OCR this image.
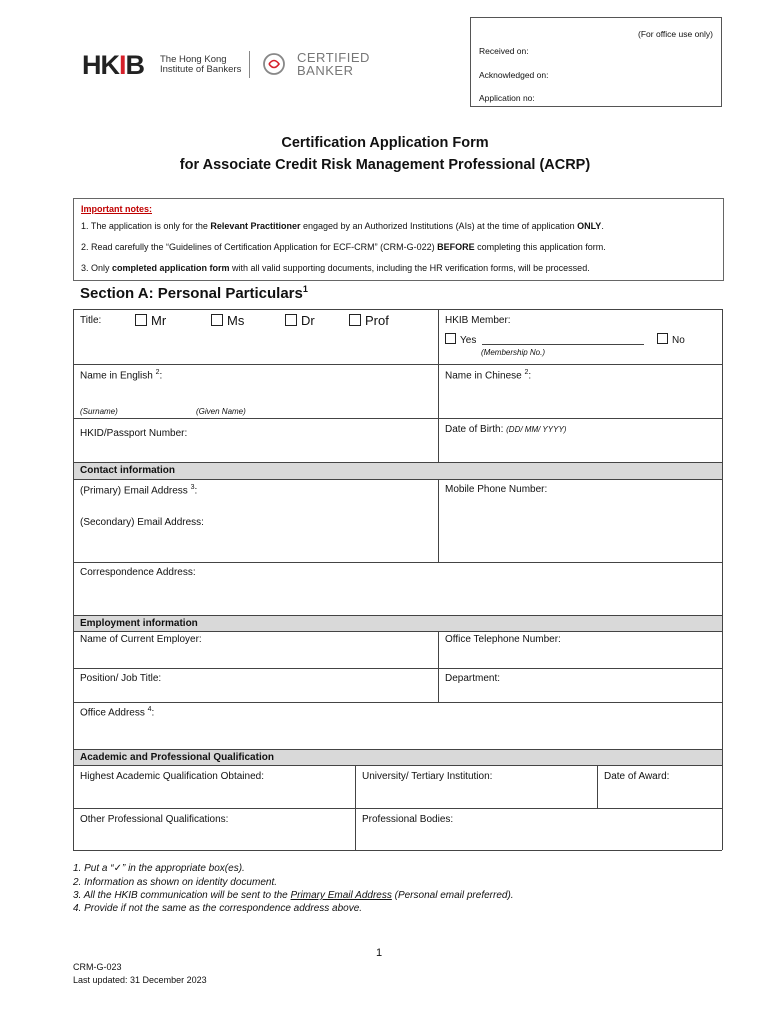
(For office use only)
Received on:
Acknowledged on:
Application no:
HKIB The Hong Kong
Institute of Bankers
CERTIFIED
BANKER
Certification Application Form
for Associate Credit Risk Management Professional (ACRP)
Important notes:
1. The application is only for the Relevant Practitioner engaged by an Authorized Institutions (AIs) at the time of application ONLY.
2. Read carefully the “Guidelines of Certification Application for ECF-CRM” (CRM-G-022) BEFORE completing this application form.
3. Only completed application form with all valid supporting documents, including the HR verification forms, will be processed.
Section A: Personal Particulars$^1$
Title:	Mr	Ms	Dr	Prof	HKIB Member:
Yes	No
(Membership No.)
Name in English $^2$:	Name in Chinese $^2$:
(Surname)	(Given Name)
HKID/Passport Number:	Date of Birth: (DD/ MM/ YYYY)
Contact information
(Primary) Email Address $^3$:	Mobile Phone Number:
(Secondary) Email Address:
Correspondence Address:
Employment information
Name of Current Employer:	Office Telephone Number:
Position/ Job Title:	Department:
Office Address $^4$:
Academic and Professional Qualification
Highest Academic Qualification Obtained:	University/ Tertiary Institution:	Date of Award:
Other Professional Qualifications:	Professional Bodies:
1. Put a “✓” in the appropriate box(es).
2. Information as shown on identity document.
3. All the HKIB communication will be sent to the Primary Email Address (Personal email preferred).
4. Provide if not the same as the correspondence address above.
1
CRM-G-023
Last updated: 31 December 2023
